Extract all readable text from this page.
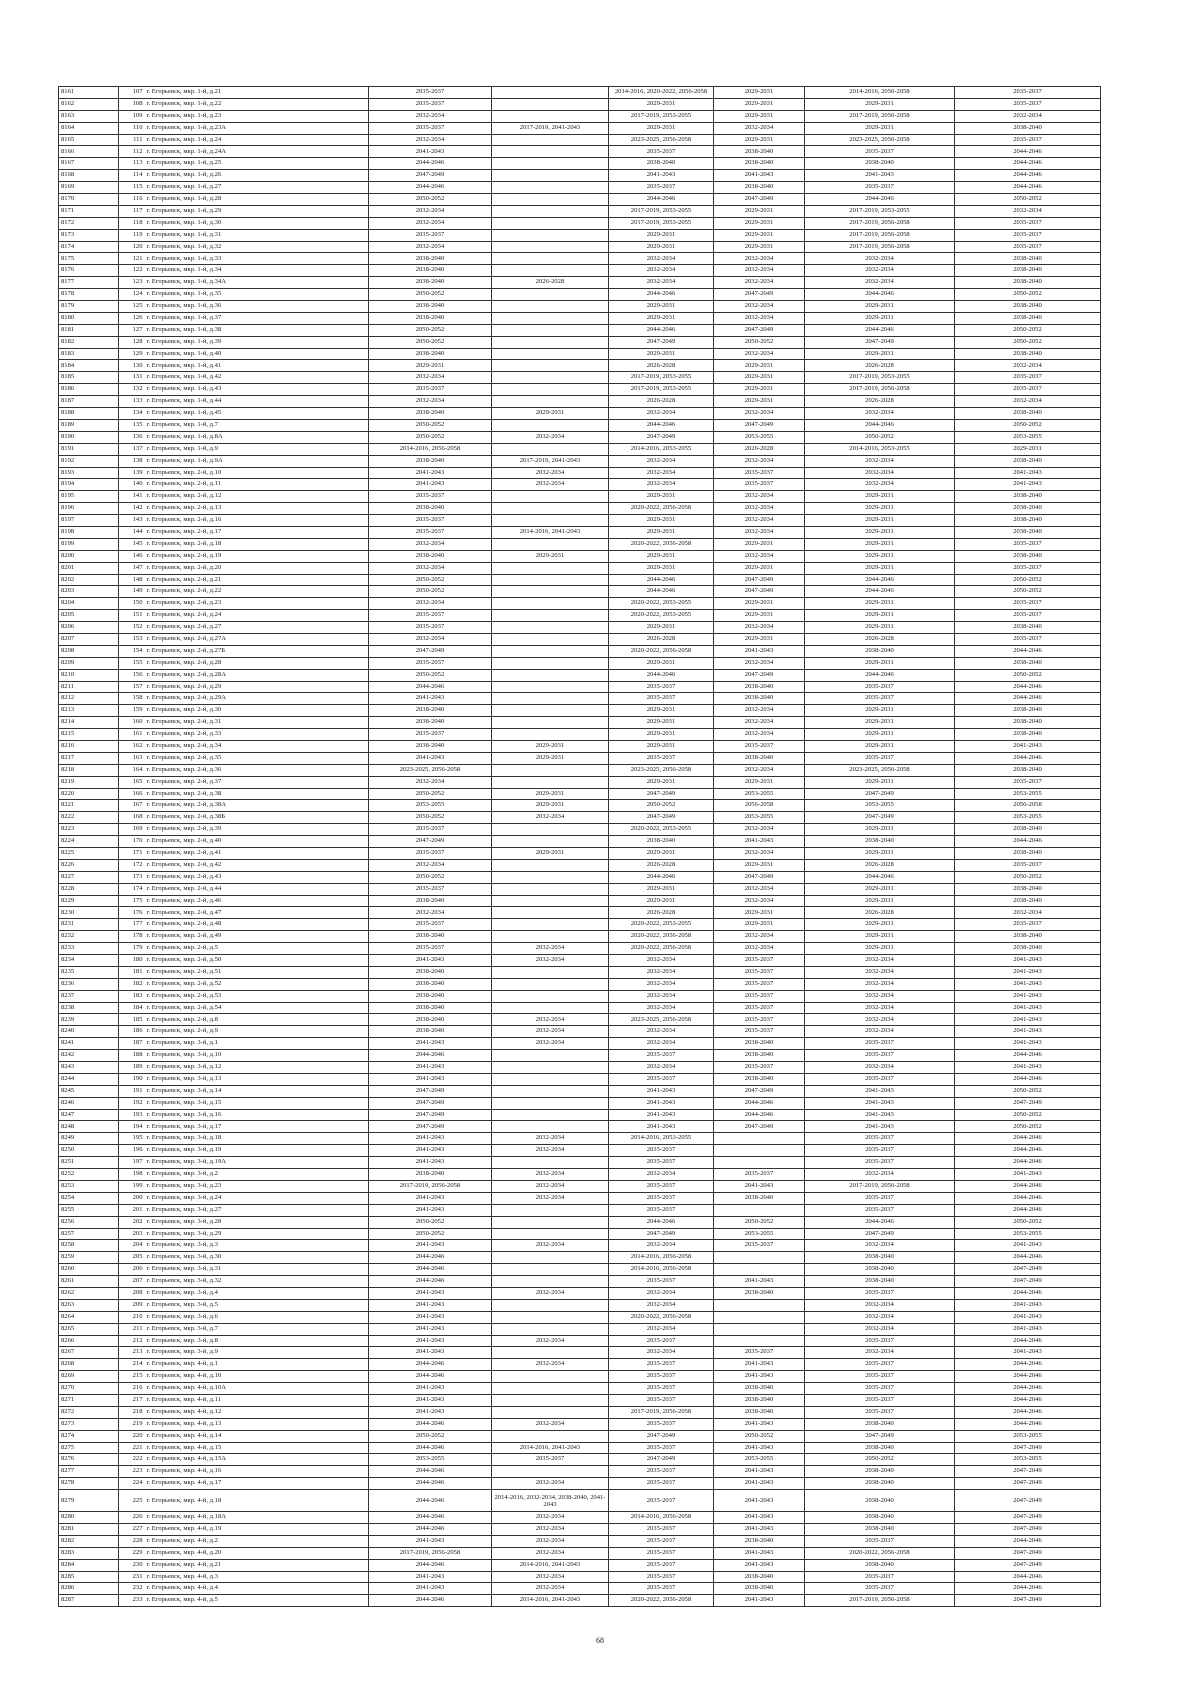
8161	107	г. Егорьевск, мкр. 1-й, д.21	2035-2037		2014-2016, 2020-2022, 2056-2058	2029-2031	2014-2016, 2056-2058	2035-2037
8162	108	г. Егорьевск, мкр. 1-й, д.22	2035-2037		2029-2031	2029-2031	2029-2031	2035-2037
8163	109	г. Егорьевск, мкр. 1-й, д.23	2032-2034		2017-2019, 2053-2055	2029-2031	2017-2019, 2056-2058	2032-2034
8164	110	г. Егорьевск, мкр. 1-й, д.23А	2035-2037	2017-2019, 2041-2043	2029-2031	2032-2034	2029-2031	2038-2040
8165	111	г. Егорьевск, мкр. 1-й, д.24	2032-2034		2023-2025, 2056-2058	2029-2031	2023-2025, 2056-2058	2035-2037
8166	112	г. Егорьевск, мкр. 1-й, д.24А	2041-2043		2035-2037	2038-2040	2035-2037	2044-2046
8167	113	г. Егорьевск, мкр. 1-й, д.25	2044-2046		2038-2040	2038-2040	2038-2040	2044-2046
8168	114	г. Егорьевск, мкр. 1-й, д.26	2047-2049		2041-2043	2041-2043	2041-2043	2044-2046
8169	115	г. Егорьевск, мкр. 1-й, д.27	2044-2046		2035-2037	2038-2040	2035-2037	2044-2046
8170	116	г. Егорьевск, мкр. 1-й, д.28	2050-2052		2044-2046	2047-2049	2044-2046	2050-2052
8171	117	г. Егорьевск, мкр. 1-й, д.29	2032-2034		2017-2019, 2053-2055	2029-2031	2017-2019, 2053-2055	2032-2034
8172	118	г. Егорьевск, мкр. 1-й, д.30	2032-2034		2017-2019, 2053-2055	2029-2031	2017-2019, 2056-2058	2035-2037
8173	119	г. Егорьевск, мкр. 1-й, д.31	2035-2037		2029-2031	2029-2031	2017-2019, 2056-2058	2035-2037
8174	120	г. Егорьевск, мкр. 1-й, д.32	2032-2034		2029-2031	2029-2031	2017-2019, 2056-2058	2035-2037
8175	121	г. Егорьевск, мкр. 1-й, д.33	2038-2040		2032-2034	2032-2034	2032-2034	2038-2040
8176	122	г. Егорьевск, мкр. 1-й, д.34	2038-2040		2032-2034	2032-2034	2032-2034	2038-2040
8177	123	г. Егорьевск, мкр. 1-й, д.34А	2038-2040	2026-2028	2032-2034	2032-2034	2032-2034	2038-2040
8178	124	г. Егорьевск, мкр. 1-й, д.35	2050-2052		2044-2046	2047-2049	2044-2046	2050-2052
8179	125	г. Егорьевск, мкр. 1-й, д.36	2038-2040		2029-2031	2032-2034	2029-2031	2038-2040
8180	126	г. Егорьевск, мкр. 1-й, д.37	2038-2040		2029-2031	2032-2034	2029-2031	2038-2040
8181	127	г. Егорьевск, мкр. 1-й, д.38	2050-2052		2044-2046	2047-2049	2044-2046	2050-2052
8182	128	г. Егорьевск, мкр. 1-й, д.39	2050-2052		2047-2049	2050-2052	2047-2049	2050-2052
8183	129	г. Егорьевск, мкр. 1-й, д.40	2038-2040		2029-2031	2032-2034	2029-2031	2038-2040
8184	130	г. Егорьевск, мкр. 1-й, д.41	2029-2031		2026-2028	2029-2031	2026-2028	2032-2034
8185	131	г. Егорьевск, мкр. 1-й, д.42	2032-2034		2017-2019, 2053-2055	2029-2031	2017-2019, 2053-2055	2035-2037
8186	132	г. Егорьевск, мкр. 1-й, д.43	2035-2037		2017-2019, 2053-2055	2029-2031	2017-2019, 2056-2058	2035-2037
8187	133	г. Егорьевск, мкр. 1-й, д.44	2032-2034		2026-2028	2029-2031	2026-2028	2032-2034
8188	134	г. Егорьевск, мкр. 1-й, д.45	2038-2040	2029-2031	2032-2034	2032-2034	2032-2034	2038-2040
8189	135	г. Егорьевск, мкр. 1-й, д.7	2050-2052		2044-2046	2047-2049	2044-2046	2050-2052
8190	136	г. Егорьевск, мкр. 1-й, д.8А	2050-2052	2032-2034	2047-2049	2053-2055	2050-2052	2053-2055
8191	137	г. Егорьевск, мкр. 1-й, д.9	2014-2016, 2056-2058		2014-2016, 2053-2055	2026-2028	2014-2016, 2053-2055	2029-2031
8192	138	г. Егорьевск, мкр. 1-й, д.9А	2038-2040	2017-2019, 2041-2043	2032-2034	2032-2034	2032-2034	2038-2040
8193	139	г. Егорьевск, мкр. 2-й, д.10	2041-2043	2032-2034	2032-2034	2035-2037	2032-2034	2041-2043
8194	140	г. Егорьевск, мкр. 2-й, д.11	2041-2043	2032-2034	2032-2034	2035-2037	2032-2034	2041-2043
8195	141	г. Егорьевск, мкр. 2-й, д.12	2035-2037		2029-2031	2032-2034	2029-2031	2038-2040
8196	142	г. Егорьевск, мкр. 2-й, д.13	2038-2040		2020-2022, 2056-2058	2032-2034	2029-2031	2038-2040
8197	143	г. Егорьевск, мкр. 2-й, д.16	2035-2037		2029-2031	2032-2034	2029-2031	2038-2040
8198	144	г. Егорьевск, мкр. 2-й, д.17	2035-2037	2014-2016, 2041-2043	2029-2031	2032-2034	2029-2031	2038-2040
8199	145	г. Егорьевск, мкр. 2-й, д.18	2032-2034		2020-2022, 2056-2058	2029-2031	2029-2031	2035-2037
8200	146	г. Егорьевск, мкр. 2-й, д.19	2038-2040	2029-2031	2029-2031	2032-2034	2029-2031	2038-2040
8201	147	г. Егорьевск, мкр. 2-й, д.20	2032-2034		2029-2031	2029-2031	2029-2031	2035-2037
8202	148	г. Егорьевск, мкр. 2-й, д.21	2050-2052		2044-2046	2047-2049	2044-2046	2050-2052
8203	149	г. Егорьевск, мкр. 2-й, д.22	2050-2052		2044-2046	2047-2049	2044-2046	2050-2052
8204	150	г. Егорьевск, мкр. 2-й, д.23	2032-2034		2020-2022, 2053-2055	2029-2031	2029-2031	2035-2037
8205	151	г. Егорьевск, мкр. 2-й, д.24	2035-2037		2020-2022, 2053-2055	2029-2031	2029-2031	2035-2037
8206	152	г. Егорьевск, мкр. 2-й, д.27	2035-2037		2029-2031	2032-2034	2029-2031	2038-2040
8207	153	г. Егорьевск, мкр. 2-й, д.27А	2032-2034		2026-2028	2029-2031	2026-2028	2035-2037
8208	154	г. Егорьевск, мкр. 2-й, д.27Б	2047-2049		2020-2022, 2056-2058	2041-2043	2038-2040	2044-2046
8209	155	г. Егорьевск, мкр. 2-й, д.28	2035-2037		2029-2031	2032-2034	2029-2031	2038-2040
8210	156	г. Егорьевск, мкр. 2-й, д.28А	2050-2052		2044-2046	2047-2049	2044-2046	2050-2052
8211	157	г. Егорьевск, мкр. 2-й, д.29	2044-2046		2035-2037	2038-2040	2035-2037	2044-2046
8212	158	г. Егорьевск, мкр. 2-й, д.29А	2041-2043		2035-2037	2038-2040	2035-2037	2044-2046
8213	159	г. Егорьевск, мкр. 2-й, д.30	2038-2040		2029-2031	2032-2034	2029-2031	2038-2040
8214	160	г. Егорьевск, мкр. 2-й, д.31	2038-2040		2029-2031	2032-2034	2029-2031	2038-2040
8215	161	г. Егорьевск, мкр. 2-й, д.33	2035-2037		2029-2031	2032-2034	2029-2031	2038-2040
8216	162	г. Егорьевск, мкр. 2-й, д.34	2038-2040	2029-2031	2029-2031	2035-2037	2029-2031	2041-2043
8217	163	г. Егорьевск, мкр. 2-й, д.35	2041-2043	2029-2031	2035-2037	2038-2040	2035-2037	2044-2046
8218	164	г. Егорьевск, мкр. 2-й, д.36	2023-2025, 2056-2058		2023-2025, 2056-2058	2032-2034	2023-2025, 2056-2058	2038-2040
8219	165	г. Егорьевск, мкр. 2-й, д.37	2032-2034		2029-2031	2029-2031	2029-2031	2035-2037
8220	166	г. Егорьевск, мкр. 2-й, д.38	2050-2052	2029-2031	2047-2049	2053-2055	2047-2049	2053-2055
8221	167	г. Егорьевск, мкр. 2-й, д.38А	2053-2055	2029-2031	2050-2052	2056-2058	2053-2055	2056-2058
8222	168	г. Егорьевск, мкр. 2-й, д.38Б	2050-2052	2032-2034	2047-2049	2053-2055	2047-2049	2053-2055
8223	169	г. Егорьевск, мкр. 2-й, д.39	2035-2037		2020-2022, 2053-2055	2032-2034	2029-2031	2038-2040
8224	170	г. Егорьевск, мкр. 2-й, д.40	2047-2049		2038-2040	2041-2043	2038-2040	2044-2046
8225	171	г. Егорьевск, мкр. 2-й, д.41	2035-2037	2029-2031	2029-2031	2032-2034	2029-2031	2038-2040
8226	172	г. Егорьевск, мкр. 2-й, д.42	2032-2034		2026-2028	2029-2031	2026-2028	2035-2037
8227	173	г. Егорьевск, мкр. 2-й, д.43	2050-2052		2044-2046	2047-2049	2044-2046	2050-2052
8228	174	г. Егорьевск, мкр. 2-й, д.44	2035-2037		2029-2031	2032-2034	2029-2031	2038-2040
8229	175	г. Егорьевск, мкр. 2-й, д.46	2038-2040		2029-2031	2032-2034	2029-2031	2038-2040
8230	176	г. Егорьевск, мкр. 2-й, д.47	2032-2034		2026-2028	2029-2031	2026-2028	2032-2034
8231	177	г. Егорьевск, мкр. 2-й, д.48	2035-2037		2020-2022, 2053-2055	2029-2031	2029-2031	2035-2037
8232	178	г. Егорьевск, мкр. 2-й, д.49	2038-2040		2020-2022, 2056-2058	2032-2034	2029-2031	2038-2040
8233	179	г. Егорьевск, мкр. 2-й, д.5	2035-2037	2032-2034	2020-2022, 2056-2058	2032-2034	2029-2031	2038-2040
8234	180	г. Егорьевск, мкр. 2-й, д.50	2041-2043	2032-2034	2032-2034	2035-2037	2032-2034	2041-2043
8235	181	г. Егорьевск, мкр. 2-й, д.51	2038-2040		2032-2034	2035-2037	2032-2034	2041-2043
8236	182	г. Егорьевск, мкр. 2-й, д.52	2038-2040		2032-2034	2035-2037	2032-2034	2041-2043
8237	183	г. Егорьевск, мкр. 2-й, д.53	2038-2040		2032-2034	2035-2037	2032-2034	2041-2043
8238	184	г. Егорьевск, мкр. 2-й, д.54	2038-2040		2032-2034	2035-2037	2032-2034	2041-2043
8239	185	г. Егорьевск, мкр. 2-й, д.8	2038-2040	2032-2034	2023-2025, 2056-2058	2035-2037	2032-2034	2041-2043
8240	186	г. Егорьевск, мкр. 2-й, д.9	2038-2040	2032-2034	2032-2034	2035-2037	2032-2034	2041-2043
8241	187	г. Егорьевск, мкр. 3-й, д.1	2041-2043	2032-2034	2032-2034	2038-2040	2035-2037	2041-2043
8242	188	г. Егорьевск, мкр. 3-й, д.10	2044-2046		2035-2037	2038-2040	2035-2037	2044-2046
8243	189	г. Егорьевск, мкр. 3-й, д.12	2041-2043		2032-2034	2035-2037	2032-2034	2041-2043
8244	190	г. Егорьевск, мкр. 3-й, д.13	2041-2043		2035-2037	2038-2040	2035-2037	2044-2046
8245	191	г. Егорьевск, мкр. 3-й, д.14	2047-2049		2041-2043	2047-2049	2041-2043	2050-2052
8246	192	г. Егорьевск, мкр. 3-й, д.15	2047-2049		2041-2043	2044-2046	2041-2043	2047-2049
8247	193	г. Егорьевск, мкр. 3-й, д.16	2047-2049		2041-2043	2044-2046	2041-2043	2050-2052
8248	194	г. Егорьевск, мкр. 3-й, д.17	2047-2049		2041-2043	2047-2049	2041-2043	2050-2052
8249	195	г. Егорьевск, мкр. 3-й, д.18	2041-2043	2032-2034	2014-2016, 2053-2055		2035-2037	2044-2046
8250	196	г. Егорьевск, мкр. 3-й, д.19	2041-2043	2032-2034	2035-2037		2035-2037	2044-2046
8251	197	г. Егорьевск, мкр. 3-й, д.19А	2041-2043		2035-2037		2035-2037	2044-2046
8252	198	г. Егорьевск, мкр. 3-й, д.2	2038-2040	2032-2034	2032-2034	2035-2037	2032-2034	2041-2043
8253	199	г. Егорьевск, мкр. 3-й, д.23	2017-2019, 2056-2058	2032-2034	2035-2037	2041-2043	2017-2019, 2056-2058	2044-2046
8254	200	г. Егорьевск, мкр. 3-й, д.24	2041-2043	2032-2034	2035-2037	2038-2040	2035-2037	2044-2046
8255	201	г. Егорьевск, мкр. 3-й, д.27	2041-2043		2035-2037		2035-2037	2044-2046
8256	202	г. Егорьевск, мкр. 3-й, д.28	2050-2052		2044-2046	2050-2052	2044-2046	2050-2052
8257	203	г. Егорьевск, мкр. 3-й, д.29	2050-2052		2047-2049	2053-2055	2047-2049	2053-2055
8258	204	г. Егорьевск, мкр. 3-й, д.3	2041-2043	2032-2034	2032-2034	2035-2037	2032-2034	2041-2043
8259	205	г. Егорьевск, мкр. 3-й, д.30	2044-2046		2014-2016, 2056-2058		2038-2040	2044-2046
8260	206	г. Егорьевск, мкр. 3-й, д.31	2044-2046		2014-2016, 2056-2058		2038-2040	2047-2049
8261	207	г. Егорьевск, мкр. 3-й, д.32	2044-2046		2035-2037	2041-2043	2038-2040	2047-2049
8262	208	г. Егорьевск, мкр. 3-й, д.4	2041-2043	2032-2034	2032-2034	2038-2040	2035-2037	2044-2046
8263	209	г. Егорьевск, мкр. 3-й, д.5	2041-2043		2032-2034		2032-2034	2041-2043
8264	210	г. Егорьевск, мкр. 3-й, д.6	2041-2043		2020-2022, 2056-2058		2032-2034	2041-2043
8265	211	г. Егорьевск, мкр. 3-й, д.7	2041-2043		2032-2034		2032-2034	2041-2043
8266	212	г. Егорьевск, мкр. 3-й, д.8	2041-2043	2032-2034	2035-2037		2035-2037	2044-2046
8267	213	г. Егорьевск, мкр. 3-й, д.9	2041-2043		2032-2034	2035-2037	2032-2034	2041-2043
8268	214	г. Егорьевск, мкр. 4-й, д.1	2044-2046	2032-2034	2035-2037	2041-2043	2035-2037	2044-2046
8269	215	г. Егорьевск, мкр. 4-й, д.10	2044-2046		2035-2037	2041-2043	2035-2037	2044-2046
8270	216	г. Егорьевск, мкр. 4-й, д.10А	2041-2043		2035-2037	2038-2040	2035-2037	2044-2046
8271	217	г. Егорьевск, мкр. 4-й, д.11	2041-2043		2035-2037	2038-2040	2035-2037	2044-2046
8272	218	г. Егорьевск, мкр. 4-й, д.12	2041-2043		2017-2019, 2056-2058	2038-2040	2035-2037	2044-2046
8273	219	г. Егорьевск, мкр. 4-й, д.13	2044-2046	2032-2034	2035-2037	2041-2043	2038-2040	2044-2046
8274	220	г. Егорьевск, мкр. 4-й, д.14	2050-2052		2047-2049	2050-2052	2047-2049	2053-2055
8275	221	г. Егорьевск, мкр. 4-й, д.15	2044-2046	2014-2016, 2041-2043	2035-2037	2041-2043	2038-2040	2047-2049
8276	222	г. Егорьевск, мкр. 4-й, д.15А	2053-2055	2035-2037	2047-2049	2053-2055	2050-2052	2053-2055
8277	223	г. Егорьевск, мкр. 4-й, д.16	2044-2046		2035-2037	2041-2043	2038-2040	2047-2049
8278	224	г. Егорьевск, мкр. 4-й, д.17	2044-2046	2032-2034	2035-2037	2041-2043	2038-2040	2047-2049
8279	225	г. Егорьевск, мкр. 4-й, д.18	2044-2046	2014-2016, 2032-2034, 2038-2040, 2041-2043	2035-2037	2041-2043	2038-2040	2047-2049
8280	226	г. Егорьевск, мкр. 4-й, д.18А	2044-2046	2032-2034	2014-2016, 2056-2058	2041-2043	2038-2040	2047-2049
8281	227	г. Егорьевск, мкр. 4-й, д.19	2044-2046	2032-2034	2035-2037	2041-2043	2038-2040	2047-2049
8282	228	г. Егорьевск, мкр. 4-й, д.2	2041-2043	2032-2034	2035-2037	2038-2040	2035-2037	2044-2046
8283	229	г. Егорьевск, мкр. 4-й, д.20	2017-2019, 2056-2058	2032-2034	2035-2037	2041-2043	2020-2022, 2056-2058	2047-2049
8284	230	г. Егорьевск, мкр. 4-й, д.21	2044-2046	2014-2016, 2041-2043	2035-2037	2041-2043	2038-2040	2047-2049
8285	231	г. Егорьевск, мкр. 4-й, д.3	2041-2043	2032-2034	2035-2037	2038-2040	2035-2037	2044-2046
8286	232	г. Егорьевск, мкр. 4-й, д.4	2041-2043	2032-2034	2035-2037	2038-2040	2035-2037	2044-2046
8287	233	г. Егорьевск, мкр. 4-й, д.5	2044-2046	2014-2016, 2041-2043	2020-2022, 2056-2058	2041-2043	2017-2019, 2056-2058	2047-2049
68
